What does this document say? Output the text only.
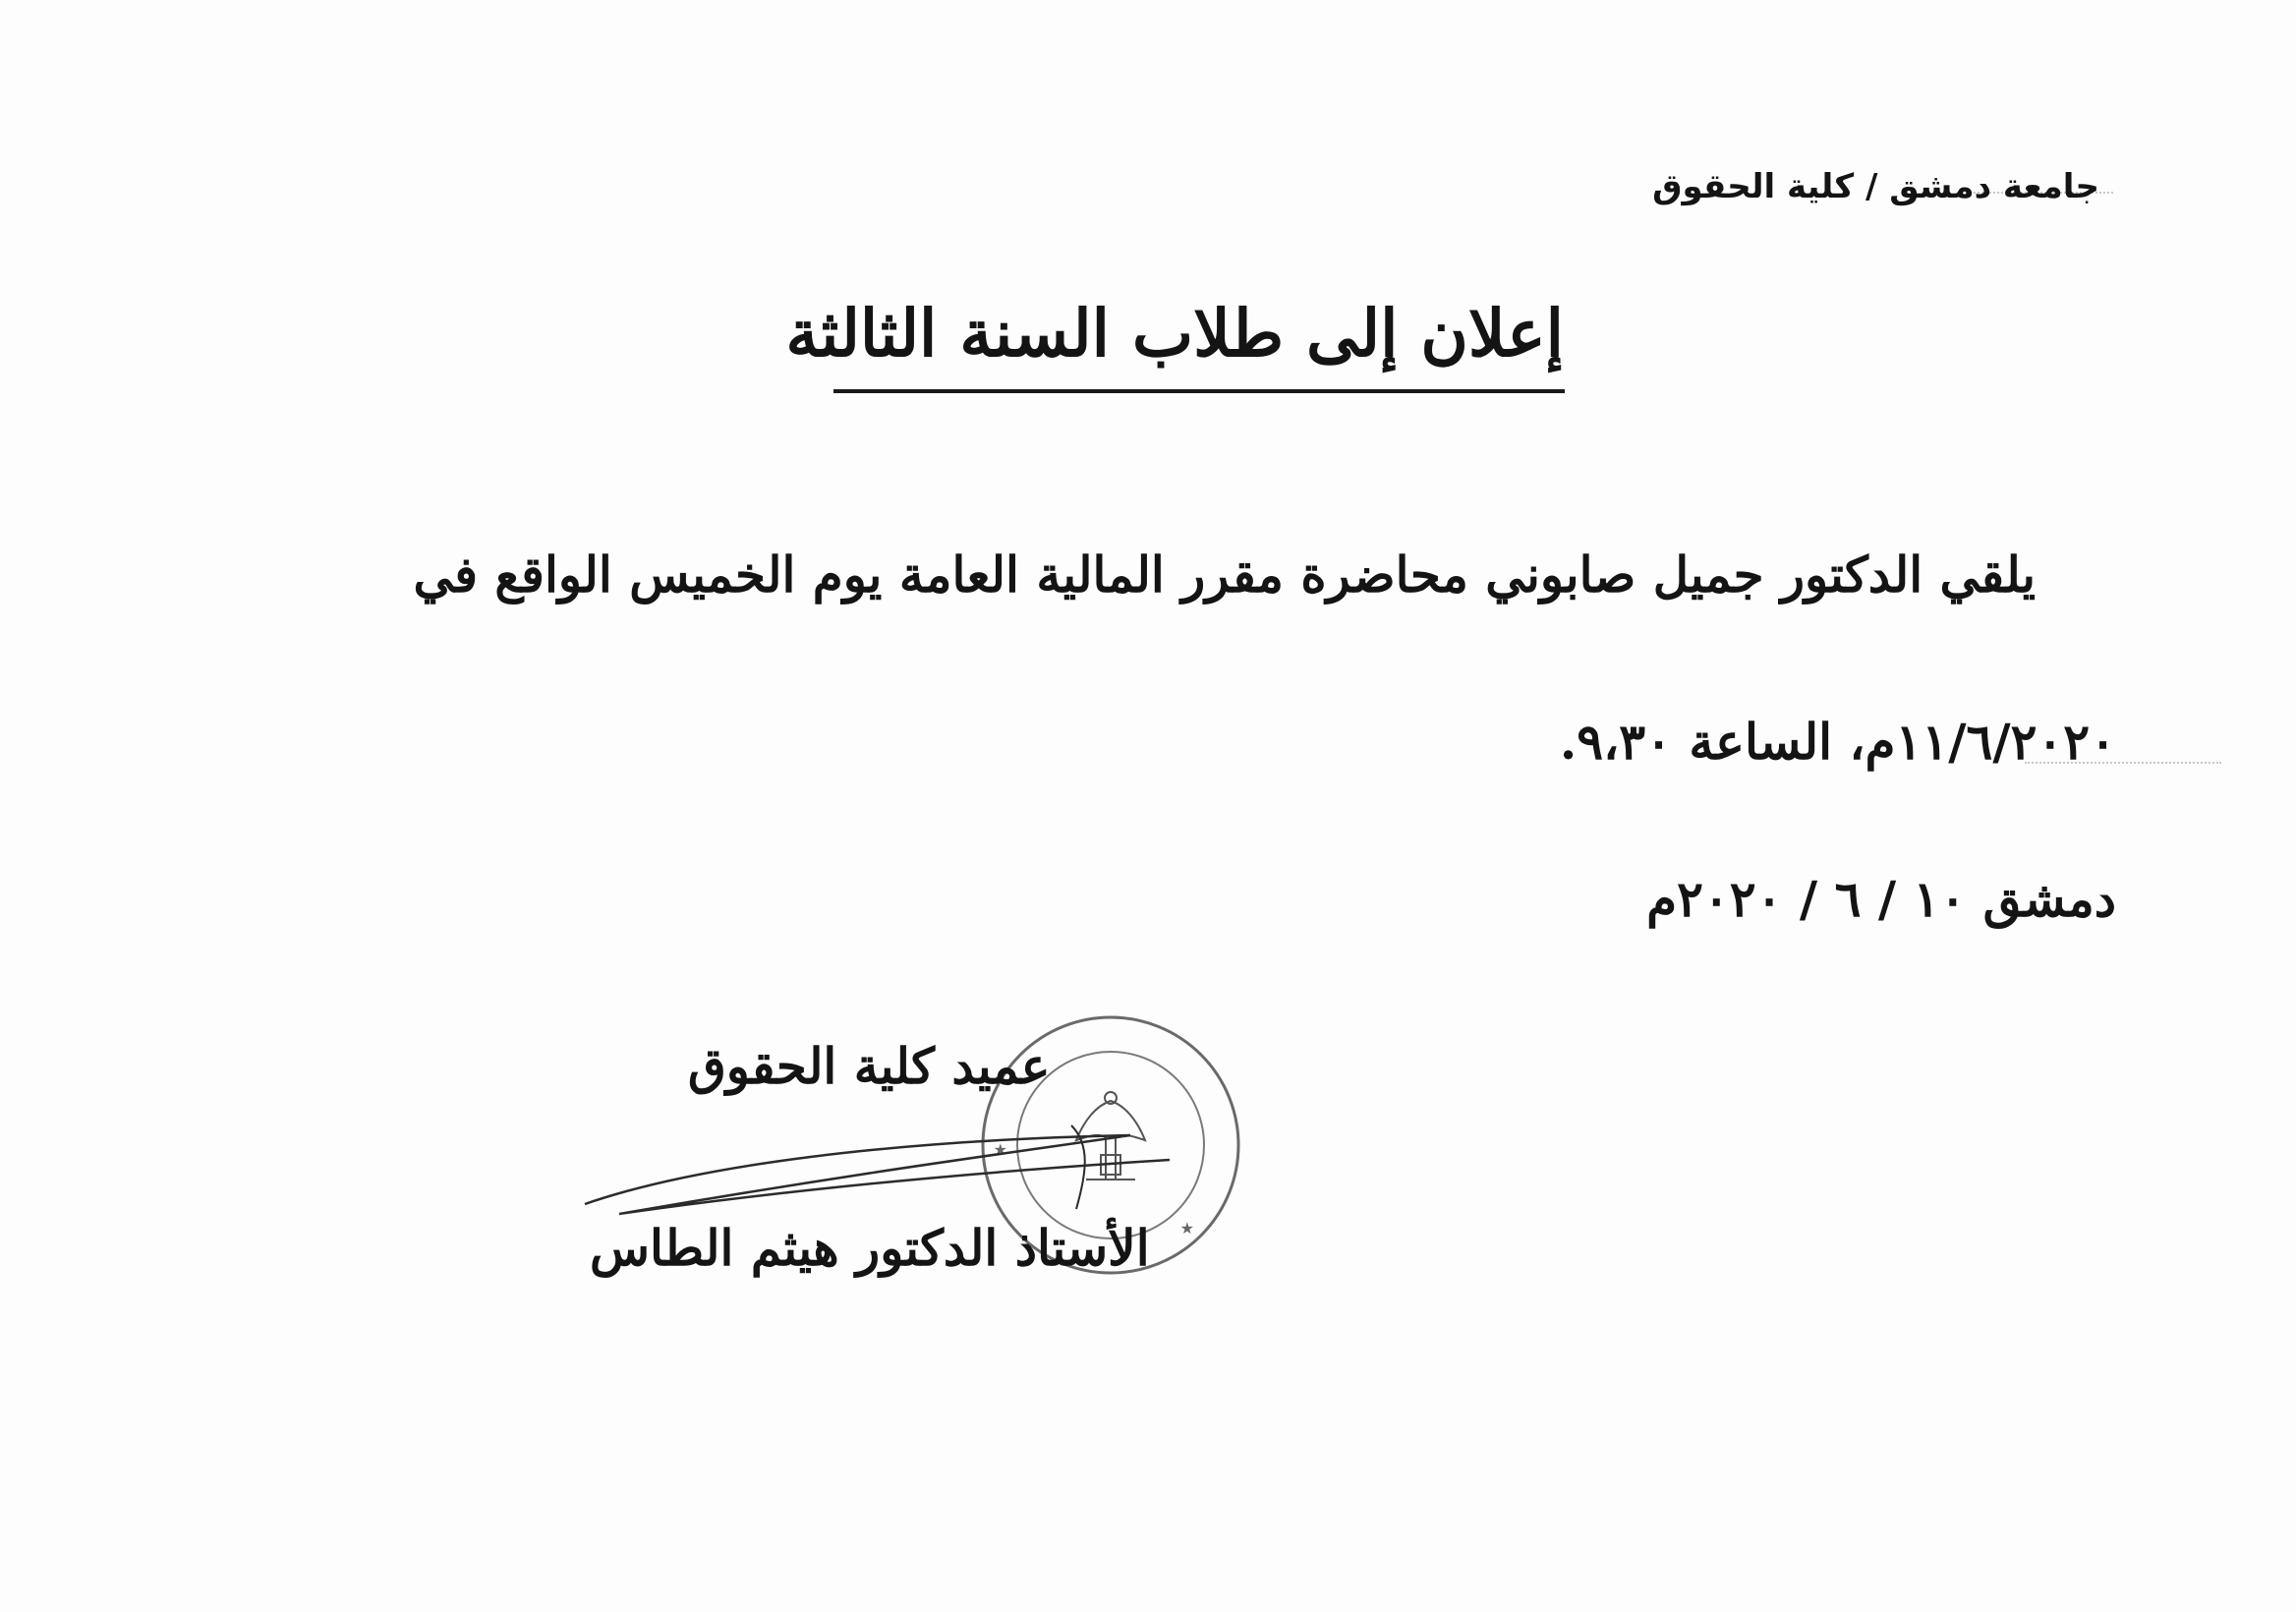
جامعة دمشق / كلية الحقوق
إعلان إلى طلاب السنة الثالثة
يلقي الدكتور جميل صابوني محاضرة مقرر المالية العامة يوم الخميس الواقع في
١١/٦/٢٠٢٠م، الساعة ٩،٣٠.
دمشق ١٠ / ٦ / ٢٠٢٠م
★
★
عميد كلية الحقوق
الأستاذ الدكتور هيثم الطاس
